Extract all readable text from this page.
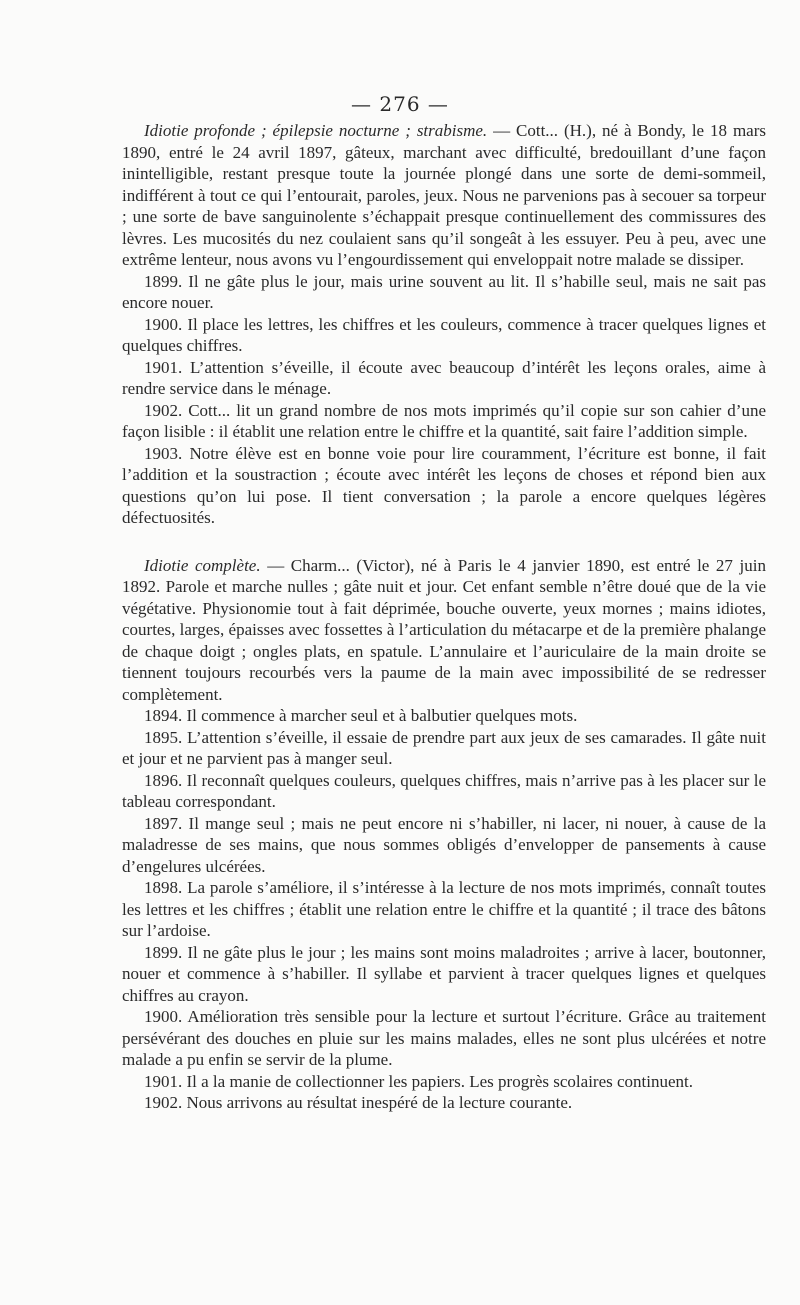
— 276 —

Idiotie profonde ; épilepsie nocturne ; strabisme. — Cott... (H.), né à Bondy, le 18 mars 1890, entré le 24 avril 1897, gâteux, marchant avec difficulté, bredouillant d’une façon inintelligible, restant presque toute la journée plongé dans une sorte de demi-sommeil, indifférent à tout ce qui l’entourait, paroles, jeux. Nous ne parvenions pas à secouer sa torpeur ; une sorte de bave sanguinolente s’échappait presque continuellement des commissures des lèvres. Les mucosités du nez coulaient sans qu’il songeât à les essuyer. Peu à peu, avec une extrême lenteur, nous avons vu l’engourdissement qui enveloppait notre malade se dissiper.

1899. Il ne gâte plus le jour, mais urine souvent au lit. Il s’habille seul, mais ne sait pas encore nouer.

1900. Il place les lettres, les chiffres et les couleurs, commence à tracer quelques lignes et quelques chiffres.

1901. L’attention s’éveille, il écoute avec beaucoup d’intérêt les leçons orales, aime à rendre service dans le ménage.

1902. Cott... lit un grand nombre de nos mots imprimés qu’il copie sur son cahier d’une façon lisible : il établit une relation entre le chiffre et la quantité, sait faire l’addition simple.

1903. Notre élève est en bonne voie pour lire couramment, l’écriture est bonne, il fait l’addition et la soustraction ; écoute avec intérêt les leçons de choses et répond bien aux questions qu’on lui pose. Il tient conversation ; la parole a encore quelques légères défectuosités.

Idiotie complète. — Charm... (Victor), né à Paris le 4 janvier 1890, est entré le 27 juin 1892. Parole et marche nulles ; gâte nuit et jour. Cet enfant semble n’être doué que de la vie végétative. Physionomie tout à fait déprimée, bouche ouverte, yeux mornes ; mains idiotes, courtes, larges, épaisses avec fossettes à l’articulation du métacarpe et de la première phalange de chaque doigt ; ongles plats, en spatule. L’annulaire et l’auriculaire de la main droite se tiennent toujours recourbés vers la paume de la main avec impossibilité de se redresser complètement.

1894. Il commence à marcher seul et à balbutier quelques mots.

1895. L’attention s’éveille, il essaie de prendre part aux jeux de ses camarades. Il gâte nuit et jour et ne parvient pas à manger seul.

1896. Il reconnaît quelques couleurs, quelques chiffres, mais n’arrive pas à les placer sur le tableau correspondant.

1897. Il mange seul ; mais ne peut encore ni s’habiller, ni lacer, ni nouer, à cause de la maladresse de ses mains, que nous sommes obligés d’envelopper de pansements à cause d’engelures ulcérées.

1898. La parole s’améliore, il s’intéresse à la lecture de nos mots imprimés, connaît toutes les lettres et les chiffres ; établit une relation entre le chiffre et la quantité ; il trace des bâtons sur l’ardoise.

1899. Il ne gâte plus le jour ; les mains sont moins maladroites ; arrive à lacer, boutonner, nouer et commence à s’habiller. Il syllabe et parvient à tracer quelques lignes et quelques chiffres au crayon.

1900. Amélioration très sensible pour la lecture et surtout l’écriture. Grâce au traitement persévérant des douches en pluie sur les mains malades, elles ne sont plus ulcérées et notre malade a pu enfin se servir de la plume.

1901. Il a la manie de collectionner les papiers. Les progrès scolaires continuent.

1902. Nous arrivons au résultat inespéré de la lecture courante.
